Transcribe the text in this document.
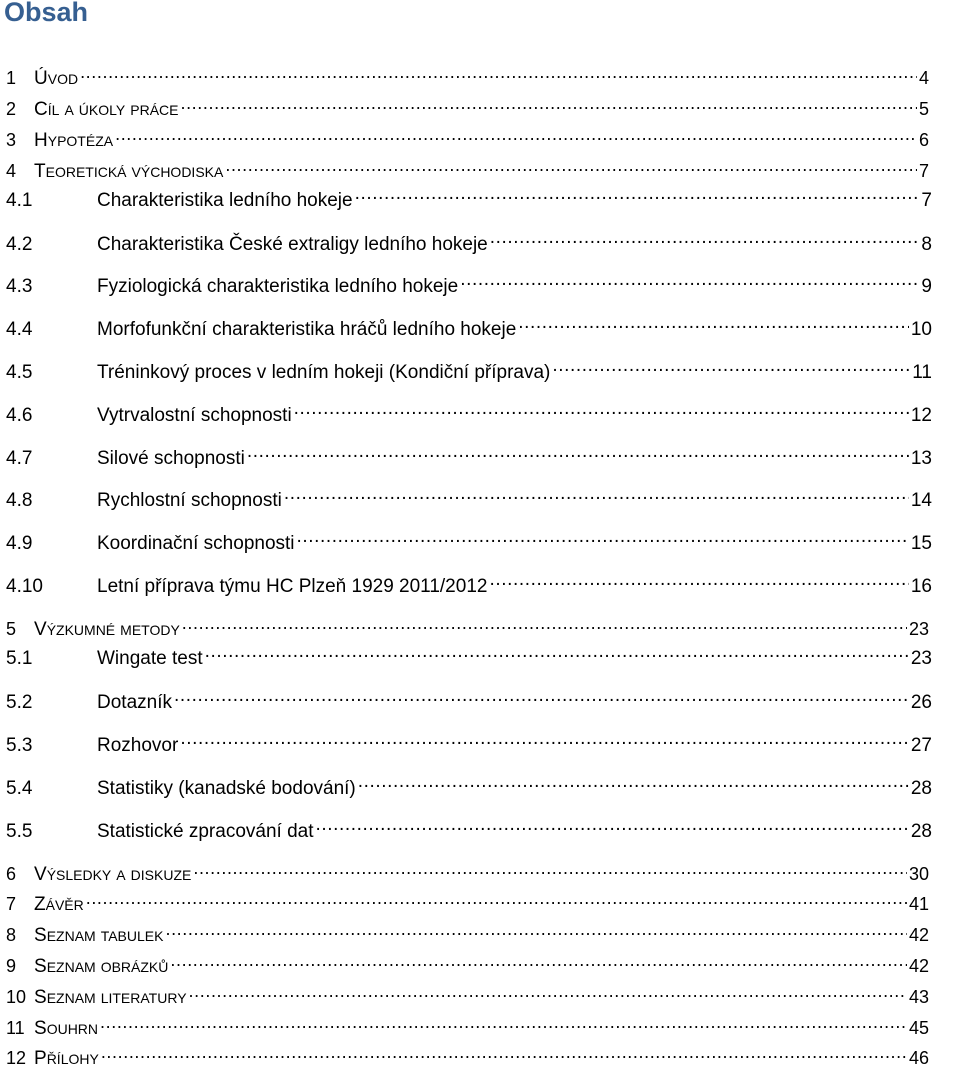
Obsah
1 ÚVOD .....	4
2 CÍL A ÚKOLY PRÁCE .....	5
3 HYPOTÉZA .....	6
4 TEORETICKÁ VÝCHODISKA .....	7
4.1	Charakteristika ledního hokeje .....	7
4.2	Charakteristika České extraligy ledního hokeje .....	8
4.3	Fyziologická charakteristika ledního hokeje .....	9
4.4	Morfofunkční charakteristika hráčů ledního hokeje .....	10
4.5	Tréninkový proces v ledním hokeji (Kondiční příprava) .....	11
4.6	Vytrvalostní schopnosti .....	12
4.7	Silové schopnosti .....	13
4.8	Rychlostní schopnosti .....	14
4.9	Koordinační schopnosti .....	15
4.10	Letní příprava týmu HC Plzeň 1929 2011/2012 .....	16
5 VÝZKUMNÉ METODY .....	23
5.1	Wingate test .....	23
5.2	Dotazník .....	26
5.3	Rozhovor .....	27
5.4	Statistiky (kanadské bodování) .....	28
5.5	Statistické zpracování dat .....	28
6 VÝSLEDKY A DISKUZE .....	30
7 ZÁVĚR .....	41
8 SEZNAM TABULEK .....	42
9 SEZNAM OBRÁZKŮ .....	42
10 SEZNAM LITERATURY .....	43
11 SOUHRN .....	45
12 PŘÍLOHY .....	46
